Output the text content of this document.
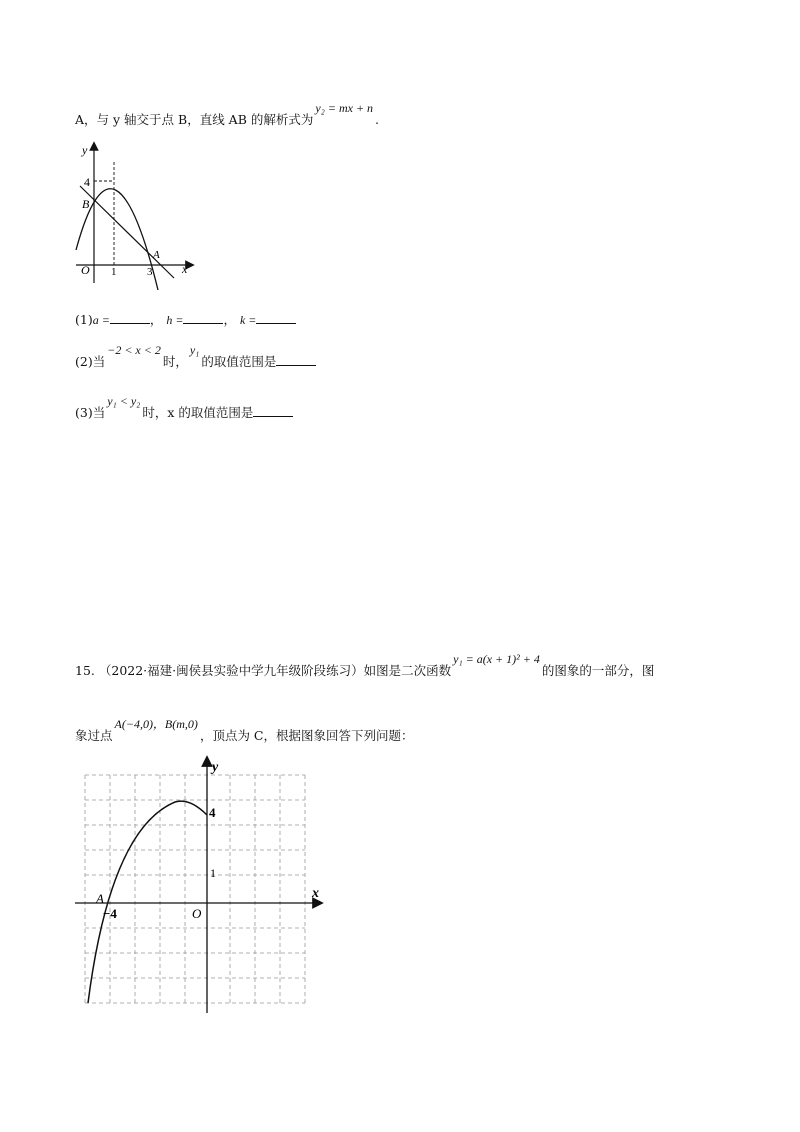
A，与 y 轴交于点 B，直线 AB 的解析式为y₂ = mx + n.
y
x
O
4
1	3
B
A
(1)a =	， h =	， k =
(2)当−2 < x < 2时，y₁的取值范围是
(3)当y₁ < y₂时，x 的取值范围是
15. （2022·福建·闽侯县实验中学九年级阶段练习）如图是二次函数y₁ = a(x + 1)² + 4的图象的一部分，图
象过点A(−4,0)，B(m,0)，顶点为 C，根据图象回答下列问题：
y
x
O
4
1
−4
A
